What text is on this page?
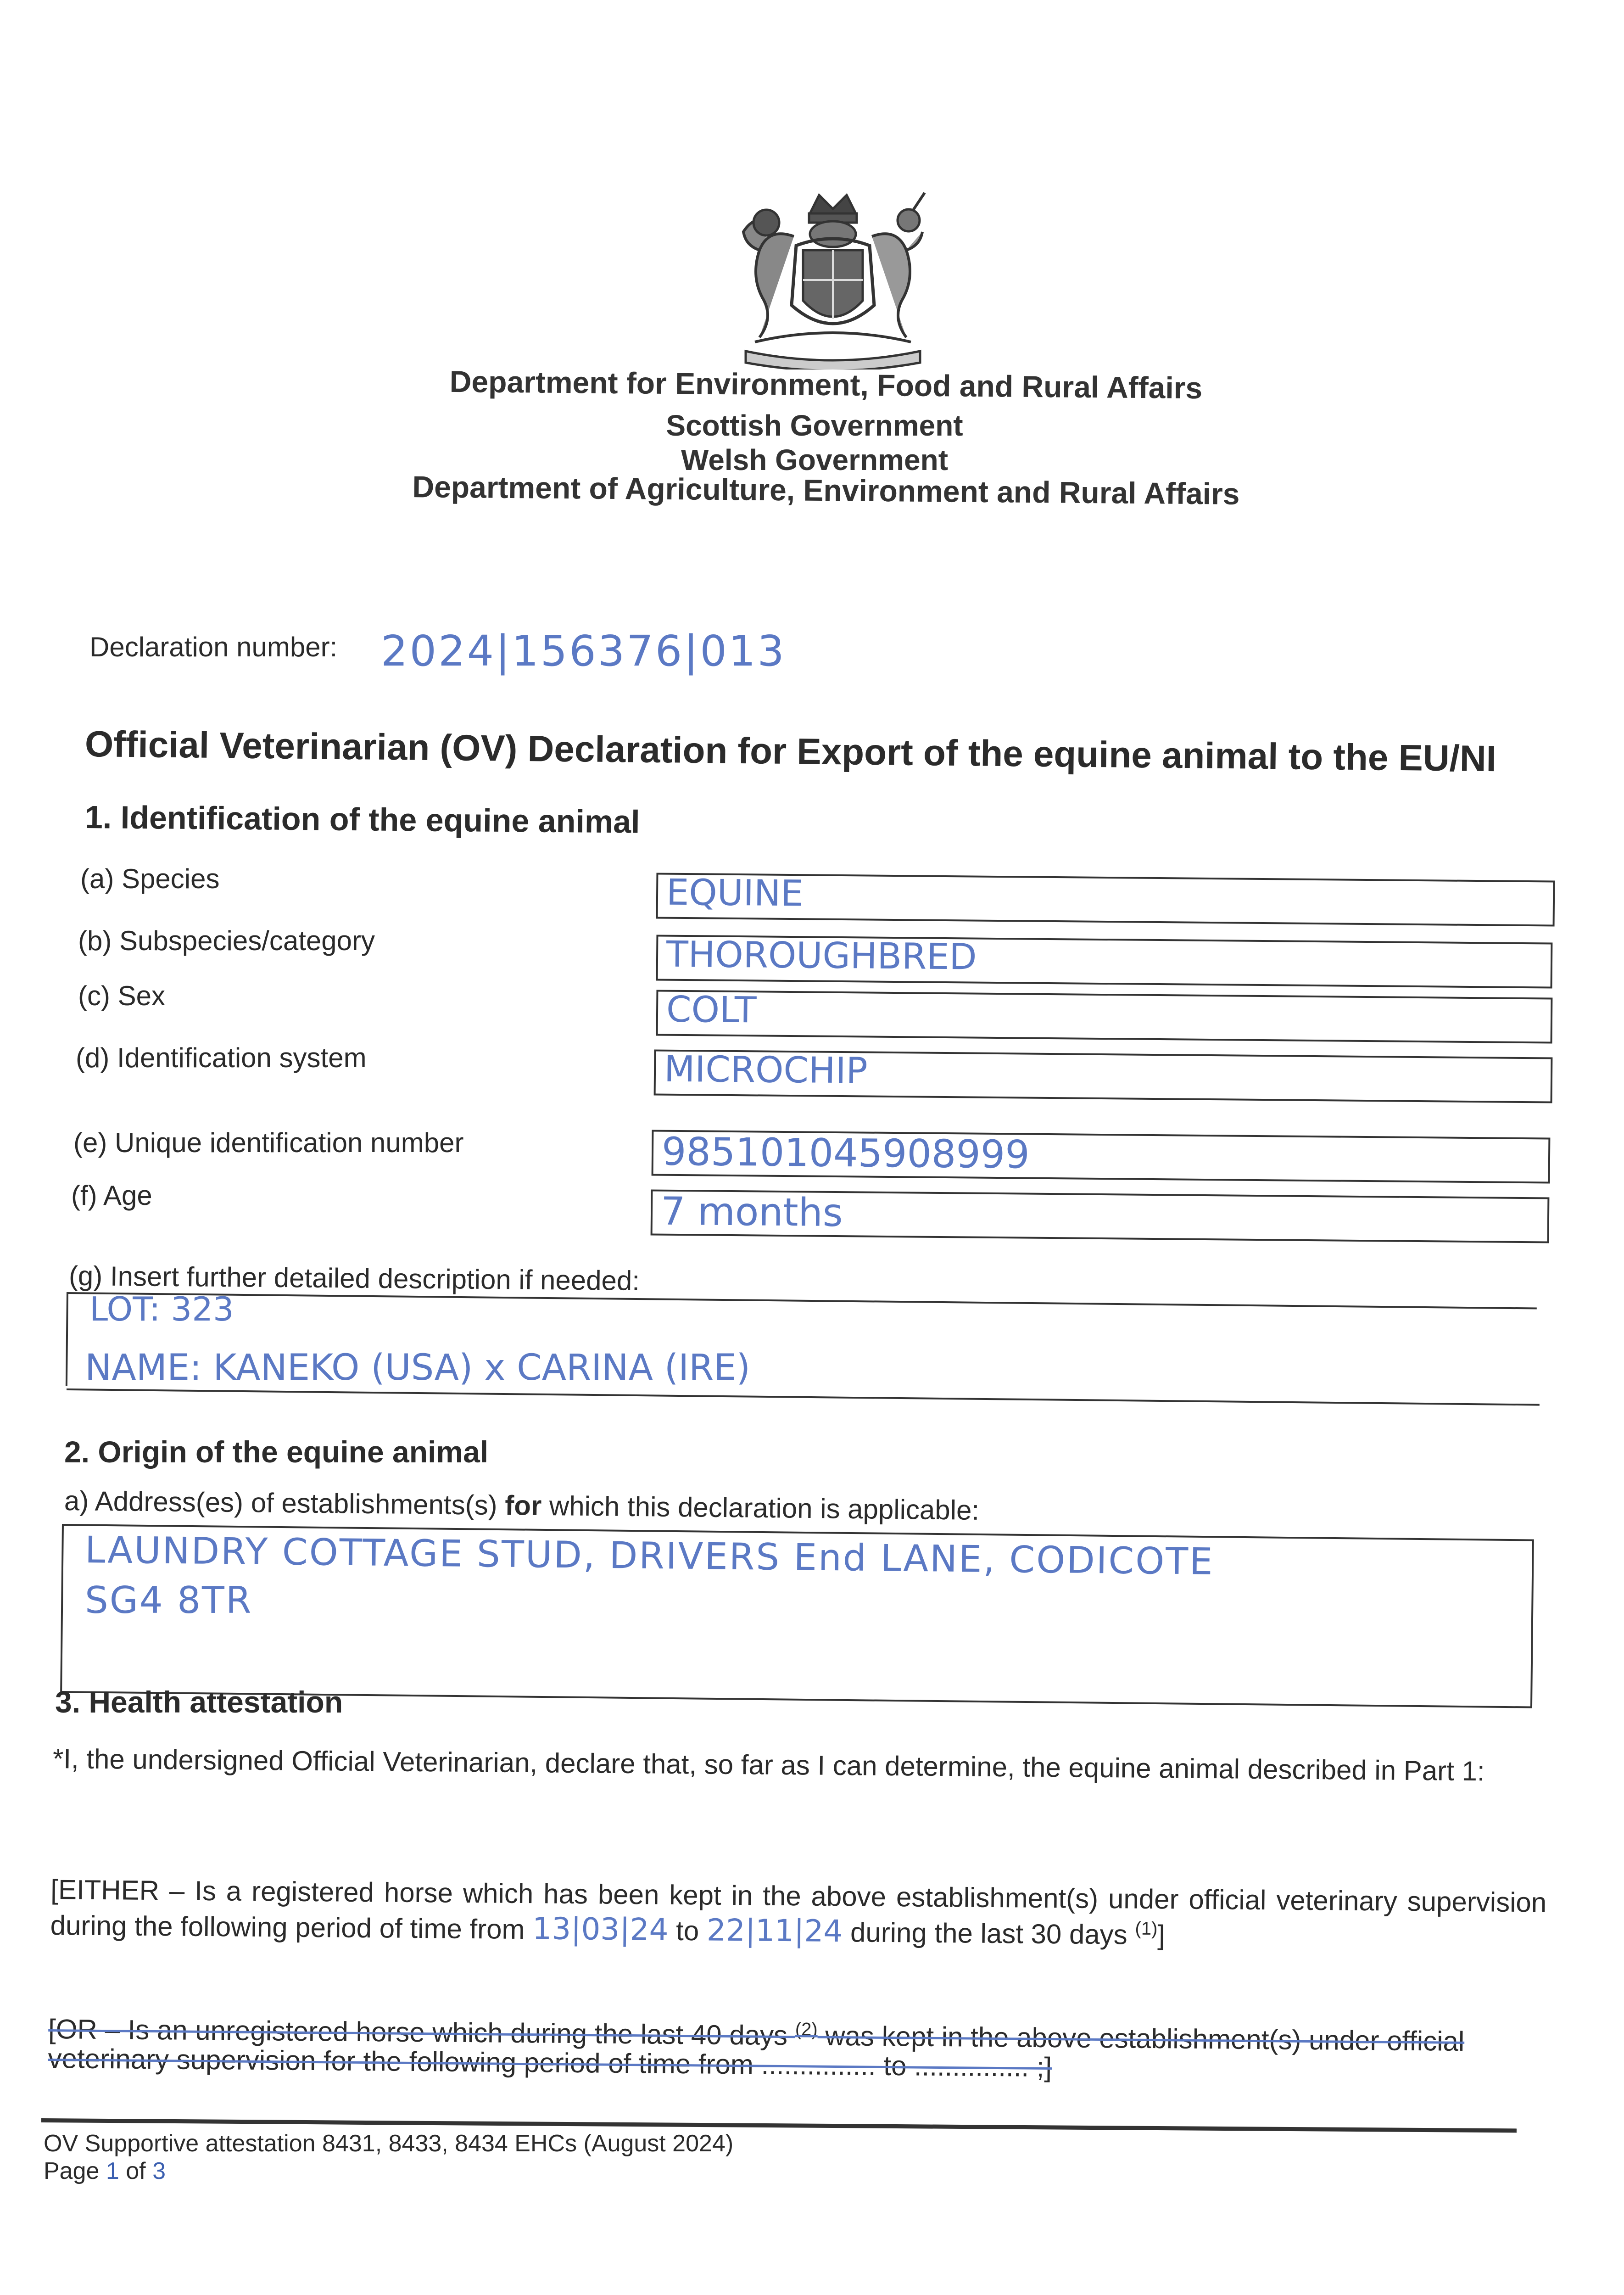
Department for Environment, Food and Rural Affairs
Scottish Government
Welsh Government
Department of Agriculture, Environment and Rural Affairs
Declaration number: 2024|156376|013
Official Veterinarian (OV) Declaration for Export of the equine animal to the EU/NI
1. Identification of the equine animal
(a) Species	EQUINE
(b) Subspecies/category	THOROUGHBRED
(c) Sex	COLT
(d) Identification system	MICROCHIP
(e) Unique identification number	985101045908999
(f) Age	7 months
(g) Insert further detailed description if needed:
LOT: 323
NAME: KANEKO (USA) x CARINA (IRE)
2. Origin of the equine animal
a) Address(es) of establishments(s) for which this declaration is applicable:
LAUNDRY COTTAGE STUD, DRIVERS End LANE, CODICOTE
SG4 8TR
3. Health attestation
*I, the undersigned Official Veterinarian, declare that, so far as I can determine, the equine animal described in Part 1:
[EITHER – Is a registered horse which has been kept in the above establishment(s) under official veterinary supervision during the following period of time from 13|03|24 to 22|11|24 during the last 30 days $^{(1)}$]
[OR – Is an unregistered horse which during the last 40 days $^{(2)}$ was kept in the above establishment(s) under official veterinary supervision for the following period of time from ............... to ............... ;]
OV Supportive attestation 8431, 8433, 8434 EHCs (August 2024)
Page 1 of 3
